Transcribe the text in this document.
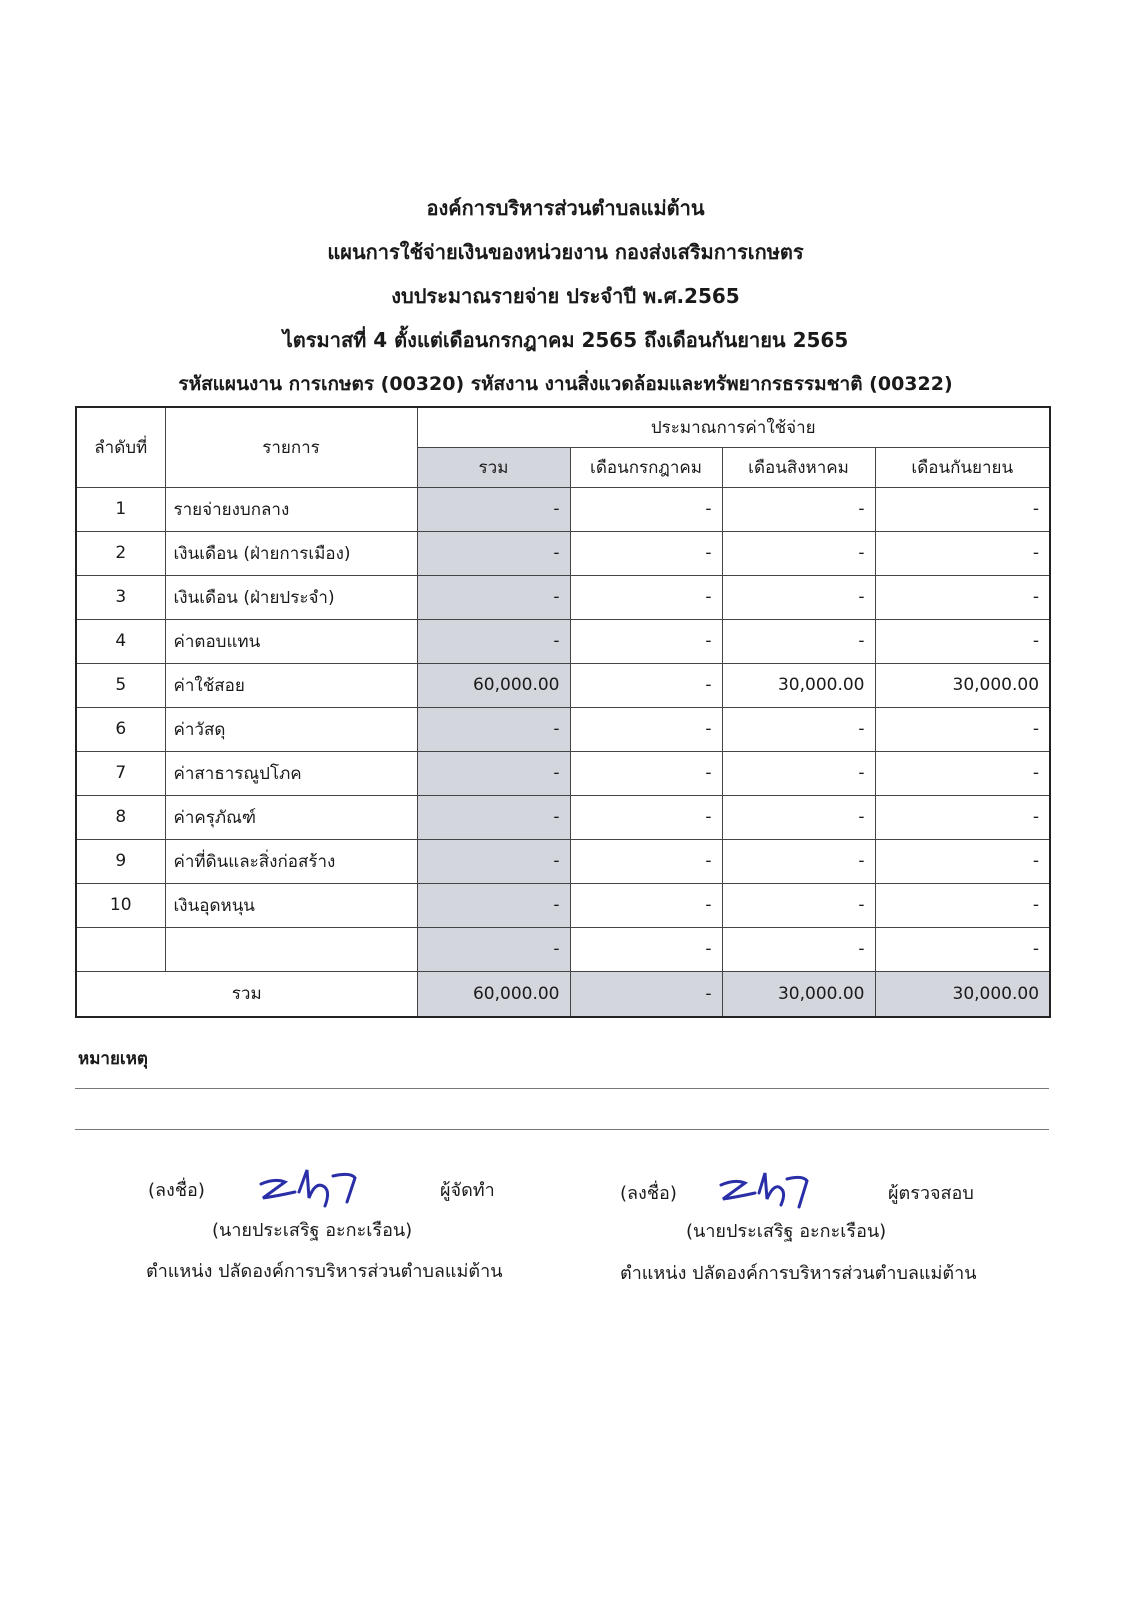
องค์การบริหารส่วนตำบลแม่ต้าน
แผนการใช้จ่ายเงินของหน่วยงาน กองส่งเสริมการเกษตร
งบประมาณรายจ่าย ประจำปี พ.ศ.2565
ไตรมาสที่ 4 ตั้งแต่เดือนกรกฎาคม 2565 ถึงเดือนกันยายน 2565
รหัสแผนงาน การเกษตร (00320) รหัสงาน งานสิ่งแวดล้อมและทรัพยากรธรรมชาติ (00322)
ลำดับที่	รายการ	ประมาณการค่าใช้จ่าย			
		รวม	เดือนกรกฎาคม	เดือนสิงหาคม	เดือนกันยายน
1	รายจ่ายงบกลาง	-	-	-	-
2	เงินเดือน (ฝ่ายการเมือง)	-	-	-	-
3	เงินเดือน (ฝ่ายประจำ)	-	-	-	-
4	ค่าตอบแทน	-	-	-	-
5	ค่าใช้สอย	60,000.00	-	30,000.00	30,000.00
6	ค่าวัสดุ	-	-	-	-
7	ค่าสาธารณูปโภค	-	-	-	-
8	ค่าครุภัณฑ์	-	-	-	-
9	ค่าที่ดินและสิ่งก่อสร้าง	-	-	-	-
10	เงินอุดหนุน	-	-	-	-
		-	-	-	-
รวม		60,000.00	-	30,000.00	30,000.00
หมายเหตุ
(ลงชื่อ)	ผู้จัดทำ
(นายประเสริฐ อะกะเรือน)
ตำแหน่ง ปลัดองค์การบริหารส่วนตำบลแม่ต้าน
(ลงชื่อ)	ผู้ตรวจสอบ
(นายประเสริฐ อะกะเรือน)
ตำแหน่ง ปลัดองค์การบริหารส่วนตำบลแม่ต้าน
